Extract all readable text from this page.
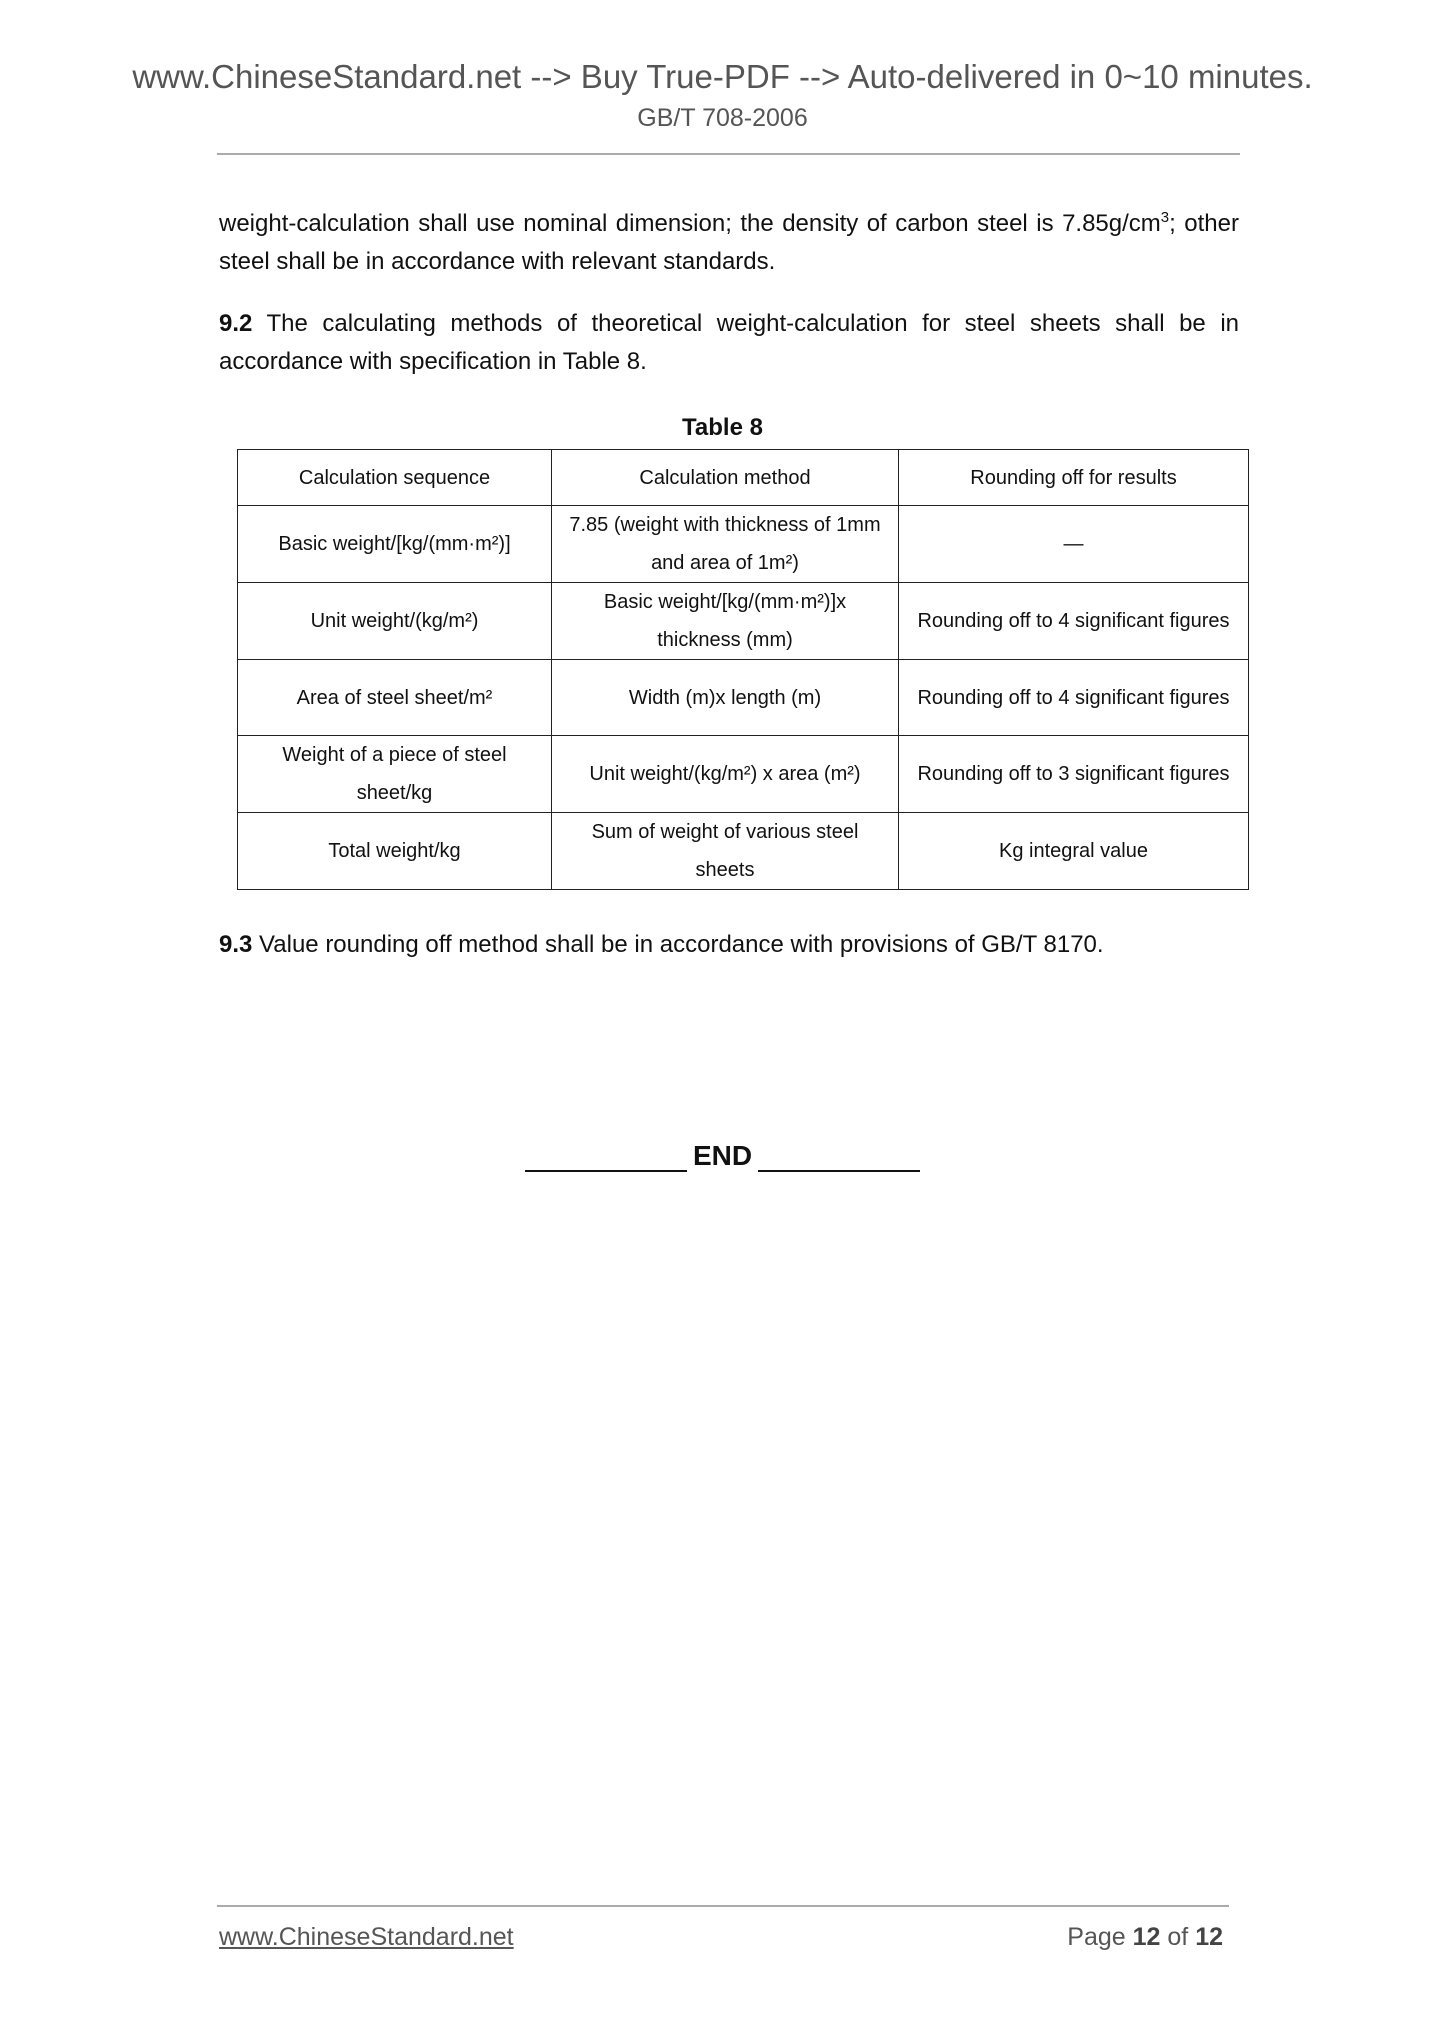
www.ChineseStandard.net --> Buy True-PDF --> Auto-delivered in 0~10 minutes.
GB/T 708-2006
weight-calculation shall use nominal dimension; the density of carbon steel is $7.85g/cm^3$; other steel shall be in accordance with relevant standards.
9.2 The calculating methods of theoretical weight-calculation for steel sheets shall be in accordance with specification in Table 8.
Table 8
Calculation sequence	Calculation method	Rounding off for results
Basic weight/[kg/(mm·m²)]	7.85 (weight with thickness of 1mm and area of 1m²)	—
Unit weight/(kg/m²)	Basic weight/[kg/(mm·m²)]x thickness (mm)	Rounding off to 4 significant figures
Area of steel sheet/m²	Width (m)x length (m)	Rounding off to 4 significant figures
Weight of a piece of steel sheet/kg	Unit weight/(kg/m²) x area (m²)	Rounding off to 3 significant figures
Total weight/kg	Sum of weight of various steel sheets	Kg integral value
9.3 Value rounding off method shall be in accordance with provisions of GB/T 8170.
END
www.ChineseStandard.net	Page 12 of 12
